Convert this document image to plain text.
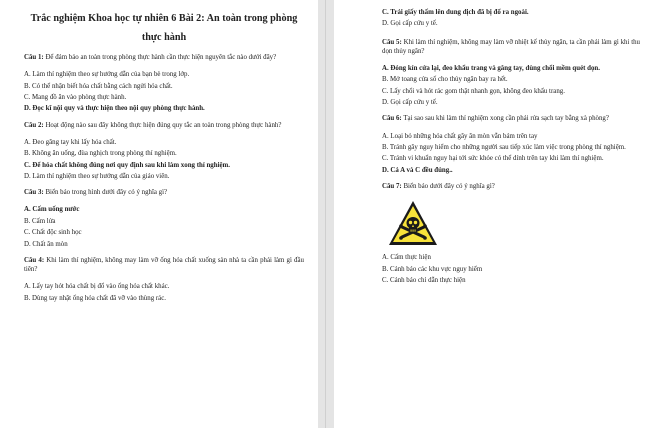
Trắc nghiệm Khoa học tự nhiên 6 Bài 2: An toàn trong phòng thực hành

Câu 1: Để đảm bảo an toàn trong phòng thực hành cần thực hiện nguyên tắc nào dưới đây?

A. Làm thí nghiệm theo sự hướng dẫn của bạn bè trong lớp.

B. Có thể nhận biết hóa chất bằng cách ngửi hóa chất.

C. Mang đồ ăn vào phòng thực hành.

D. Đọc kĩ nội quy và thực hiện theo nội quy phòng thực hành.

Câu 2: Hoạt động nào sau đây không thực hiện đúng quy tắc an toàn trong phòng thực hành?

A. Đeo găng tay khi lấy hóa chất.

B. Không ăn uống, đùa nghịch trong phòng thí nghiệm.

C. Để hóa chất không đúng nơi quy định sau khi làm xong thí nghiệm.

D. Làm thí nghiệm theo sự hướng dẫn của giáo viên.

Câu 3: Biển báo trong hình dưới đây có ý nghĩa gì?

A. Cấm uống nước

B. Cấm lửa

C. Chất độc sinh học

D. Chất ăn mòn

Câu 4: Khi làm thí nghiệm, không may làm vỡ ống hóa chất xuống sàn nhà ta cần phải làm gì đầu tiên?

A. Lấy tay hót hóa chất bị đổ vào ống hóa chất khác.

B. Dùng tay nhặt ống hóa chất đã vỡ vào thùng rác.

C. Trải giấy thấm lên dung dịch đã bị đổ ra ngoài.

D. Gọi cấp cứu y tế.

Câu 5: Khi làm thí nghiệm, không may làm vỡ nhiệt kế thủy ngân, ta cần phải làm gì khi thu dọn thủy ngân?

A. Đóng kín cửa lại, đeo khẩu trang và găng tay, dùng chổi mềm quét dọn.

B. Mở toang cửa số cho thủy ngân bay ra hết.

C. Lấy chổi và hót rác gom thật nhanh gọn, không đeo khẩu trang.

D. Gọi cấp cứu y tế.

Câu 6: Tại sao sau khi làm thí nghiệm xong cần phải rửa sạch tay bằng xà phòng?

A. Loại bỏ những hóa chất gây ăn mòn vẫn bám trên tay

B. Tránh gây nguy hiểm cho những người sau tiếp xúc làm việc trong phòng thí nghiệm.

C. Tránh vi khuẩn nguy hại tới sức khỏe có thể dính trên tay khi làm thí nghiệm.

D. Cả A và C đều đúng..

Câu 7: Biển báo dưới đây có ý nghĩa gì?

A. Cấm thực hiện

B. Cảnh báo các khu vực nguy hiểm

C. Cảnh báo chỉ dẫn thực hiện
